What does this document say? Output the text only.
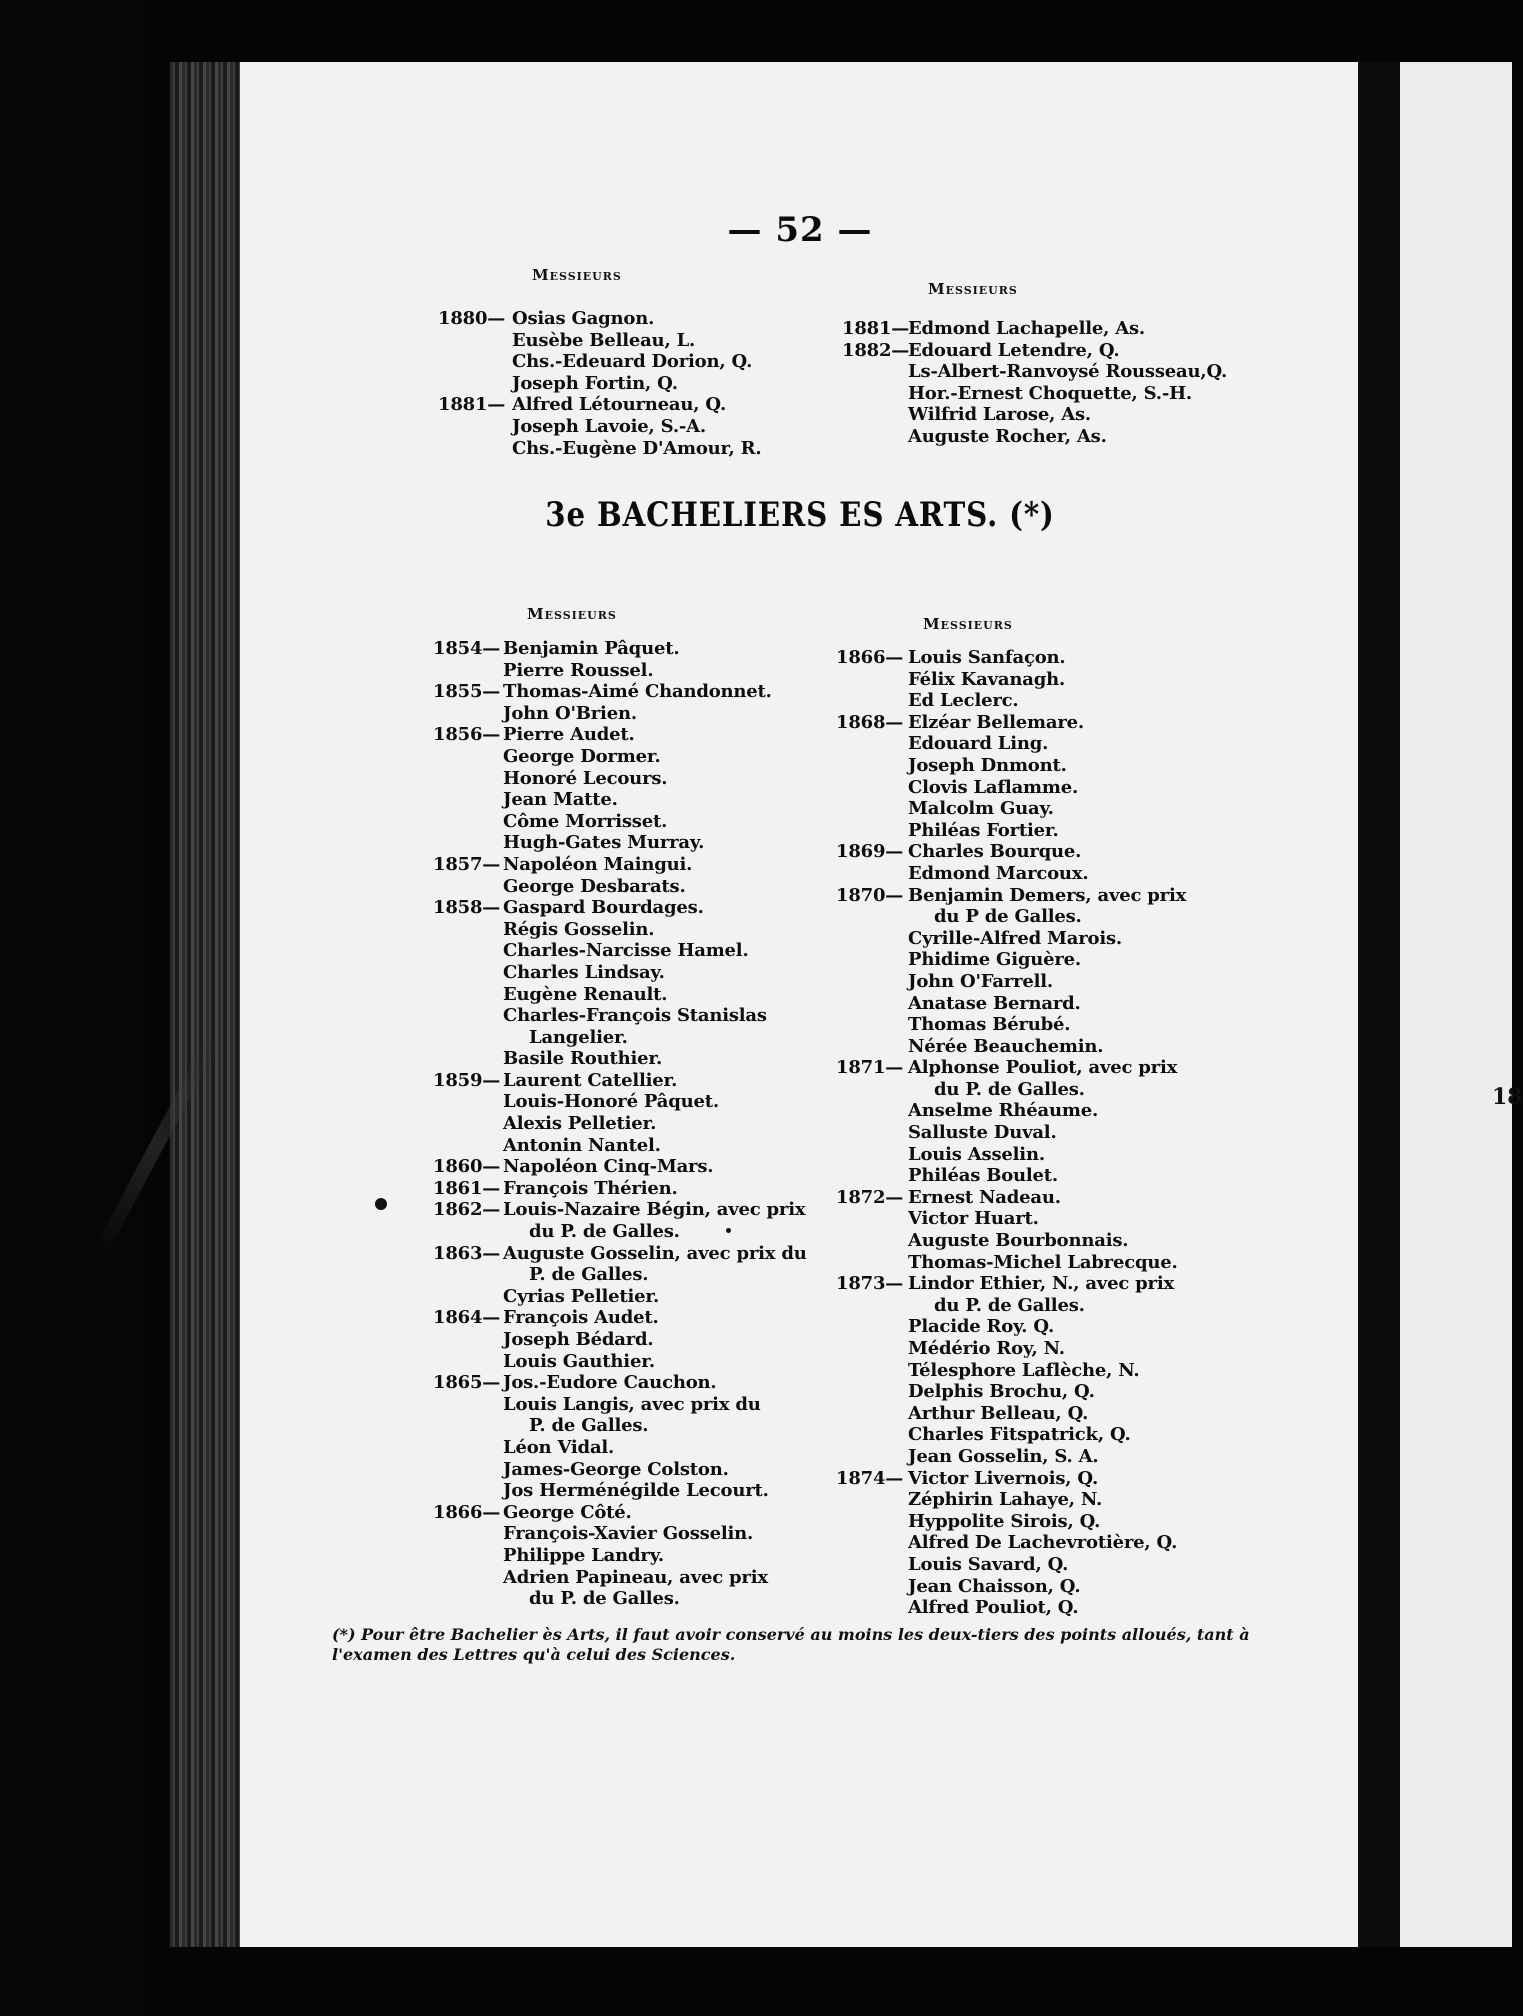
— 52 —
Messieurs
Messieurs
1880— Osias Gagnon.
Eusèbe Belleau, L.
Chs.-Edeuard Dorion, Q.
Joseph Fortin, Q.
1881— Alfred Létourneau, Q.
Joseph Lavoie, S.-A.
Chs.-Eugène D'Amour, R.
1881—
Edmond Lachapelle, As.
1882—
Edouard Letendre, Q.
Ls-Albert-Ranvoysé Rousseau,Q.
Hor.-Ernest Choquette, S.-H.
Wilfrid Larose, As.
Auguste Rocher, As.
3e BACHELIERS ES ARTS. (*)
Messieurs
Messieurs
1854— Benjamin Pâquet.
Pierre Roussel.
1855— Thomas-Aimé Chandonnet.
John O'Brien.
1856— Pierre Audet.
George Dormer.
Honoré Lecours.
Jean Matte.
Côme Morrisset.
Hugh-Gates Murray.
1857— Napoléon Maingui.
George Desbarats.
1858— Gaspard Bourdages.
Régis Gosselin.
Charles-Narcisse Hamel.
Charles Lindsay.
Eugène Renault.
Charles-François Stanislas
Langelier.
Basile Routhier.
1859— Laurent Catellier.
Louis-Honoré Pâquet.
Alexis Pelletier.
Antonin Nantel.
1860— Napoléon Cinq-Mars.
1861— François Thérien.
1862— Louis-Nazaire Bégin, avec prix
du P. de Galles.
1863— Auguste Gosselin, avec prix du
P. de Galles.
Cyrias Pelletier.
1864— François Audet.
Joseph Bédard.
Louis Gauthier.
1865— Jos.-Eudore Cauchon.
Louis Langis, avec prix du
P. de Galles.
Léon Vidal.
James-George Colston.
Jos Herménégilde Lecourt.
1866— George Côté.
François-Xavier Gosselin.
Philippe Landry.
Adrien Papineau, avec prix
du P. de Galles.
1866— Louis Sanfaçon.
Félix Kavanagh.
Ed Leclerc.
1868— Elzéar Bellemare.
Edouard Ling.
Joseph Dnmont.
Clovis Laflamme.
Malcolm Guay.
Philéas Fortier.
1869— Charles Bourque.
Edmond Marcoux.
1870— Benjamin Demers, avec prix
du P de Galles.
Cyrille-Alfred Marois.
Phidime Giguère.
John O'Farrell.
Anatase Bernard.
Thomas Bérubé.
Nérée Beauchemin.
1871— Alphonse Pouliot, avec prix
du P. de Galles.
Anselme Rhéaume.
Salluste Duval.
Louis Asselin.
Philéas Boulet.
1872— Ernest Nadeau.
Victor Huart.
Auguste Bourbonnais.
Thomas-Michel Labrecque.
1873— Lindor Ethier, N., avec prix
du P. de Galles.
Placide Roy. Q.
Médério Roy, N.
Télesphore Laflèche, N.
Delphis Brochu, Q.
Arthur Belleau, Q.
Charles Fitspatrick, Q.
Jean Gosselin, S. A.
1874— Victor Livernois, Q.
Zéphirin Lahaye, N.
Hyppolite Sirois, Q.
Alfred De Lachevrotière, Q.
Louis Savard, Q.
Jean Chaisson, Q.
Alfred Pouliot, Q.
(*) Pour être Bachelier ès Arts, il faut avoir conservé au moins les deux-tiers des points alloués, tant à l'examen des Lettres qu'à celui des Sciences.
18
